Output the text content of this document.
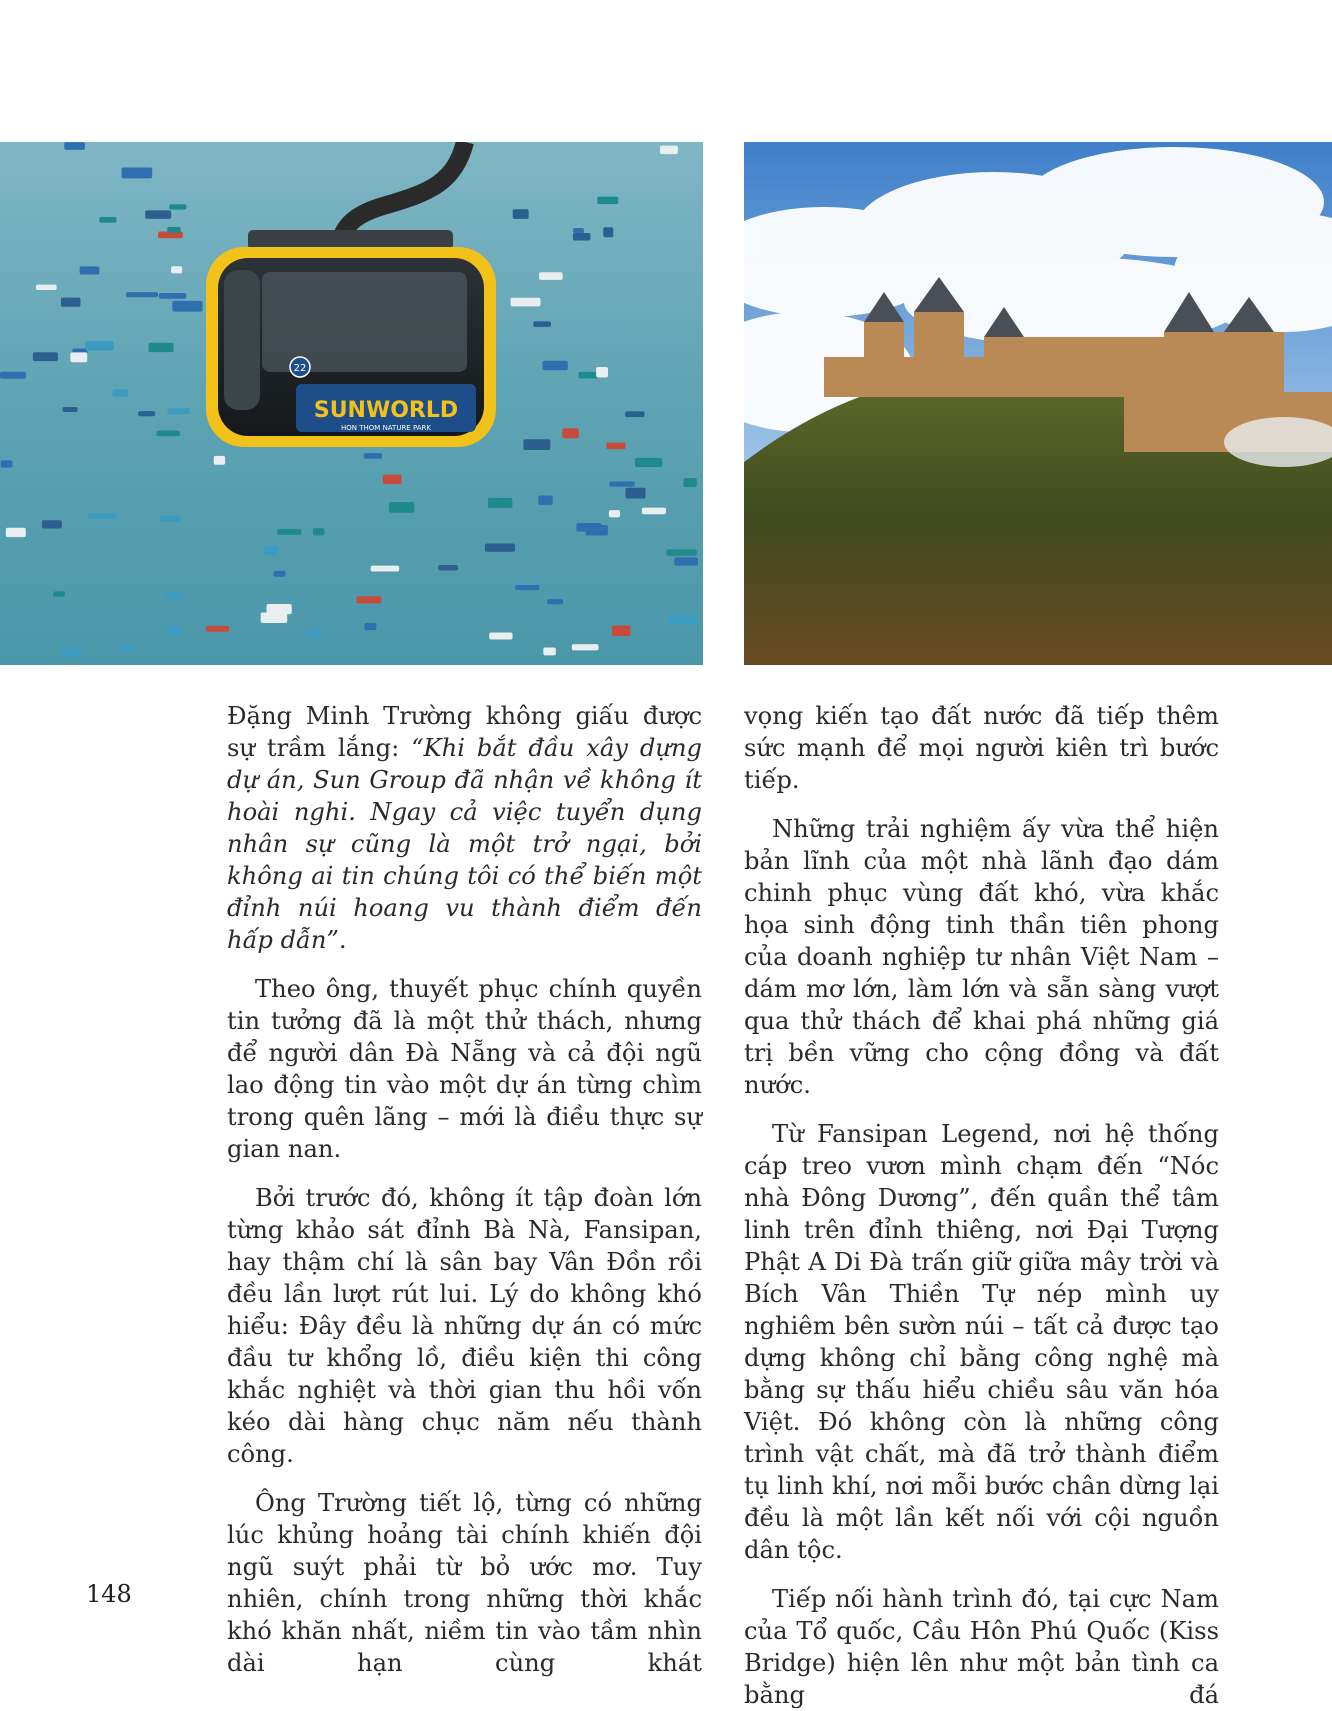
SUNWORLD
HON THOM NATURE PARK
22

Đặng Minh Trường không giấu được sự trầm lắng: “Khi bắt đầu xây dựng dự án, Sun Group đã nhận về không ít hoài nghi. Ngay cả việc tuyển dụng nhân sự cũng là một trở ngại, bởi không ai tin chúng tôi có thể biến một đỉnh núi hoang vu thành điểm đến hấp dẫn”.

Theo ông, thuyết phục chính quyền tin tưởng đã là một thử thách, nhưng để người dân Đà Nẵng và cả đội ngũ lao động tin vào một dự án từng chìm trong quên lãng – mới là điều thực sự gian nan.

Bởi trước đó, không ít tập đoàn lớn từng khảo sát đỉnh Bà Nà, Fansipan, hay thậm chí là sân bay Vân Đồn rồi đều lần lượt rút lui. Lý do không khó hiểu: Đây đều là những dự án có mức đầu tư khổng lồ, điều kiện thi công khắc nghiệt và thời gian thu hồi vốn kéo dài hàng chục năm nếu thành công.

Ông Trường tiết lộ, từng có những lúc khủng hoảng tài chính khiến đội ngũ suýt phải từ bỏ ước mơ. Tuy nhiên, chính trong những thời khắc khó khăn nhất, niềm tin vào tầm nhìn dài hạn cùng khát

vọng kiến tạo đất nước đã tiếp thêm sức mạnh để mọi người kiên trì bước tiếp.

Những trải nghiệm ấy vừa thể hiện bản lĩnh của một nhà lãnh đạo dám chinh phục vùng đất khó, vừa khắc họa sinh động tinh thần tiên phong của doanh nghiệp tư nhân Việt Nam – dám mơ lớn, làm lớn và sẵn sàng vượt qua thử thách để khai phá những giá trị bền vững cho cộng đồng và đất nước.

Từ Fansipan Legend, nơi hệ thống cáp treo vươn mình chạm đến “Nóc nhà Đông Dương”, đến quần thể tâm linh trên đỉnh thiêng, nơi Đại Tượng Phật A Di Đà trấn giữ giữa mây trời và Bích Vân Thiền Tự nép mình uy nghiêm bên sườn núi – tất cả được tạo dựng không chỉ bằng công nghệ mà bằng sự thấu hiểu chiều sâu văn hóa Việt. Đó không còn là những công trình vật chất, mà đã trở thành điểm tụ linh khí, nơi mỗi bước chân dừng lại đều là một lần kết nối với cội nguồn dân tộc.

Tiếp nối hành trình đó, tại cực Nam của Tổ quốc, Cầu Hôn Phú Quốc (Kiss Bridge) hiện lên như một bản tình ca bằng đá

148
